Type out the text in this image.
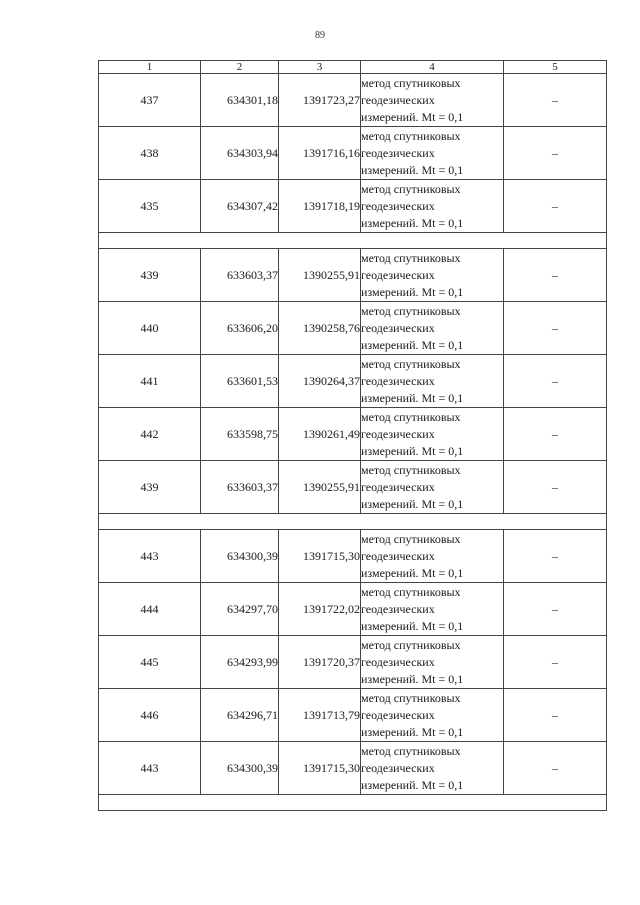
89
1	2	3	4	5
437	634301,18	1391723,27	метод спутниковых
геодезических
измерений. Mt = 0,1	–
438	634303,94	1391716,16	метод спутниковых
геодезических
измерений. Mt = 0,1	–
435	634307,42	1391718,19	метод спутниковых
геодезических
измерений. Mt = 0,1	–

439	633603,37	1390255,91	метод спутниковых
геодезических
измерений. Mt = 0,1	–
440	633606,20	1390258,76	метод спутниковых
геодезических
измерений. Mt = 0,1	–
441	633601,53	1390264,37	метод спутниковых
геодезических
измерений. Mt = 0,1	–
442	633598,75	1390261,49	метод спутниковых
геодезических
измерений. Mt = 0,1	–
439	633603,37	1390255,91	метод спутниковых
геодезических
измерений. Mt = 0,1	–

443	634300,39	1391715,30	метод спутниковых
геодезических
измерений. Mt = 0,1	–
444	634297,70	1391722,02	метод спутниковых
геодезических
измерений. Mt = 0,1	–
445	634293,99	1391720,37	метод спутниковых
геодезических
измерений. Mt = 0,1	–
446	634296,71	1391713,79	метод спутниковых
геодезических
измерений. Mt = 0,1	–
443	634300,39	1391715,30	метод спутниковых
геодезических
измерений. Mt = 0,1	–
